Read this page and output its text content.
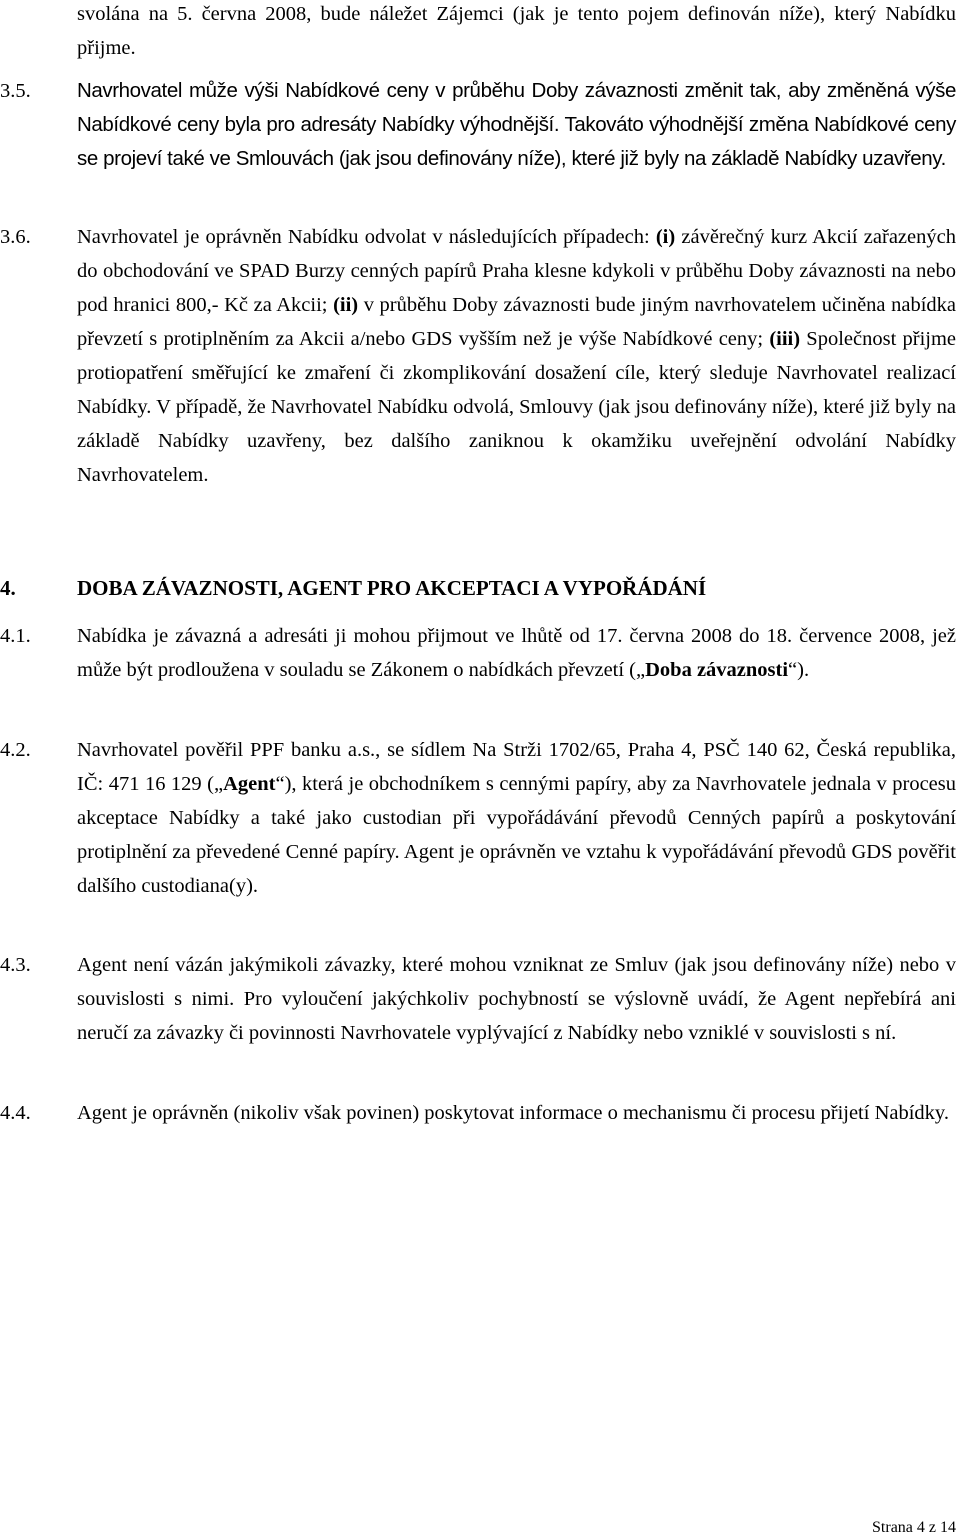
svolána na 5. června 2008, bude náležet Zájemci (jak je tento pojem definován níže), který Nabídku přijme.
3.5. Navrhovatel může výši Nabídkové ceny v průběhu Doby závaznosti změnit tak, aby změněná výše Nabídkové ceny byla pro adresáty Nabídky výhodnější. Takováto výhodnější změna Nabídkové ceny se projeví také ve Smlouvách (jak jsou definovány níže), které již byly na základě Nabídky uzavřeny.
3.6. Navrhovatel je oprávněn Nabídku odvolat v následujících případech: (i) závěrečný kurz Akcií zařazených do obchodování ve SPAD Burzy cenných papírů Praha klesne kdykoli v průběhu Doby závaznosti na nebo pod hranici 800,- Kč za Akcii; (ii) v průběhu Doby závaznosti bude jiným navrhovatelem učiněna nabídka převzetí s protiplněním za Akcii a/nebo GDS vyšším než je výše Nabídkové ceny; (iii) Společnost přijme protiopatření směřující ke zmaření či zkomplikování dosažení cíle, který sleduje Navrhovatel realizací Nabídky. V případě, že Navrhovatel Nabídku odvolá, Smlouvy (jak jsou definovány níže), které již byly na základě Nabídky uzavřeny, bez dalšího zaniknou k okamžiku uveřejnění odvolání Nabídky Navrhovatelem.
4.	DOBA ZÁVAZNOSTI, AGENT PRO AKCEPTACI A VYPOŘÁDÁNÍ
4.1. Nabídka je závazná a adresáti ji mohou přijmout ve lhůtě od 17. června 2008 do 18. července 2008, jež může být prodloužena v souladu se Zákonem o nabídkách převzetí („Doba závaznosti“).
4.2. Navrhovatel pověřil PPF banku a.s., se sídlem Na Strži 1702/65, Praha 4, PSČ 140 62, Česká republika, IČ: 471 16 129 („Agent“), která je obchodníkem s cennými papíry, aby za Navrhovatele jednala v procesu akceptace Nabídky a také jako custodian při vypořádávání převodů Cenných papírů a poskytování protiplnění za převedené Cenné papíry. Agent je oprávněn ve vztahu k vypořádávání převodů GDS pověřit dalšího custodiana(y).
4.3. Agent není vázán jakýmikoli závazky, které mohou vzniknat ze Smluv (jak jsou definovány níže) nebo v souvislosti s nimi. Pro vyloučení jakýchkoliv pochybností se výslovně uvádí, že Agent nepřebírá ani neručí za závazky či povinnosti Navrhovatele vyplývající z Nabídky nebo vzniklé v souvislosti s ní.
4.4. Agent je oprávněn (nikoliv však povinen) poskytovat informace o mechanismu či procesu přijetí Nabídky.
Strana 4 z 14
